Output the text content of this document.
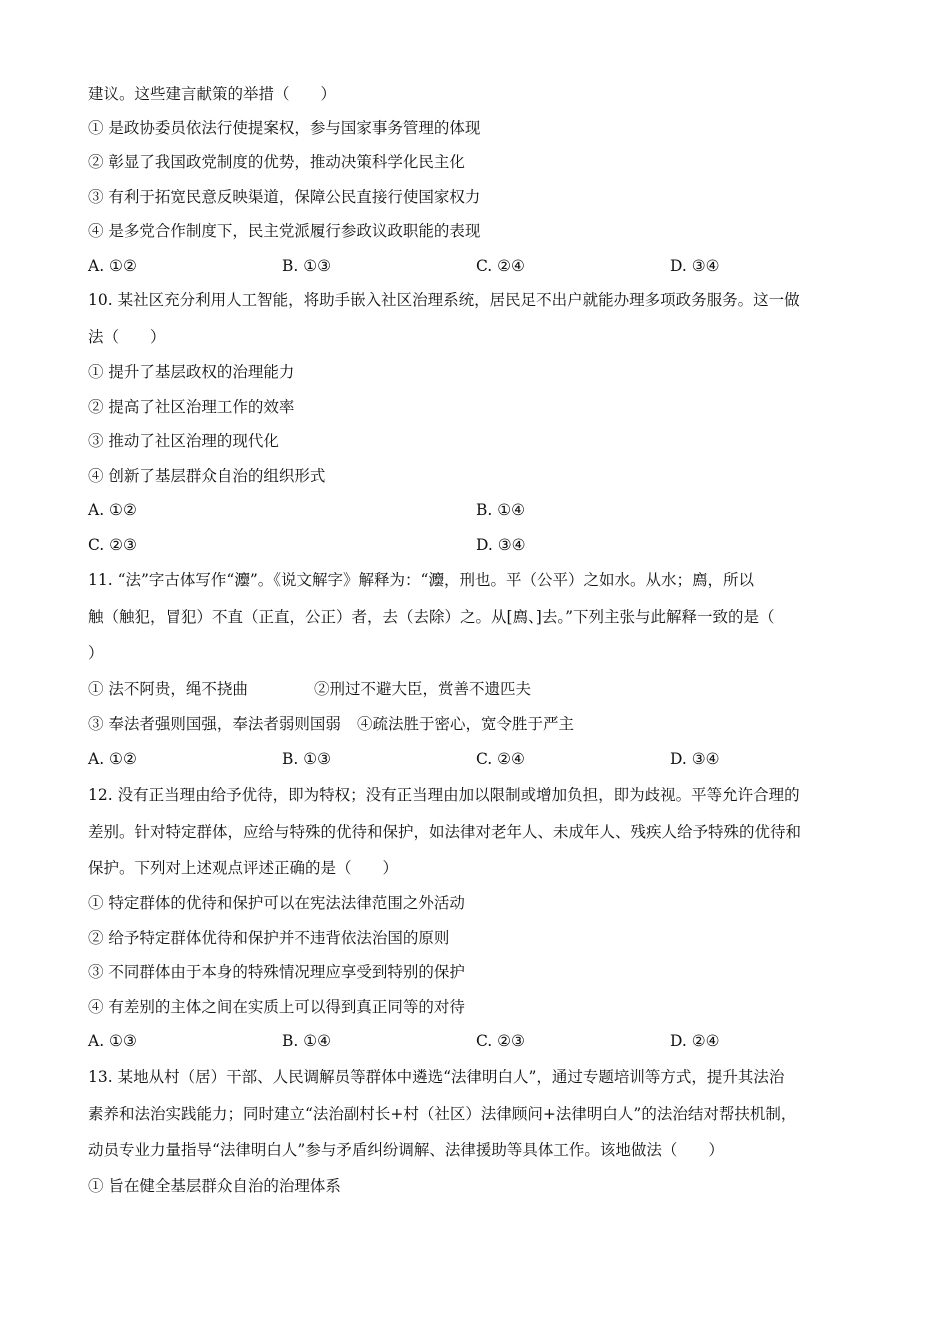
建议。这些建言献策的举措（　　）
① 是政协委员依法行使提案权，参与国家事务管理的体现
② 彰显了我国政党制度的优势，推动决策科学化民主化
③ 有利于拓宽民意反映渠道，保障公民直接行使国家权力
④ 是多党合作制度下，民主党派履行参政议政职能的表现
A. ①②	B. ①③	C. ②④	D. ③④
10. 某社区充分利用人工智能，将助手嵌入社区治理系统，居民足不出户就能办理多项政务服务。这一做
法（　　）
① 提升了基层政权的治理能力
② 提高了社区治理工作的效率
③ 推动了社区治理的现代化
④ 创新了基层群众自治的组织形式
A. ①②	B. ①④
C. ②③	D. ③④
11. “法”字古体写作“灋”。《说文解字》解释为：“灋，刑也。平（公平）之如水。从水；廌，所以
触（触犯，冒犯）不直（正直，公正）者，去（去除）之。从[廌、]去。”下列主张与此解释一致的是（
）
① 法不阿贵，绳不挠曲	②刑过不避大臣，赏善不遗匹夫
③ 奉法者强则国强，奉法者弱则国弱 ④疏法胜于密心，宽令胜于严主
A. ①②	B. ①③	C. ②④	D. ③④
12. 没有正当理由给予优待，即为特权；没有正当理由加以限制或增加负担，即为歧视。平等允许合理的
差别。针对特定群体，应给与特殊的优待和保护，如法律对老年人、未成年人、残疾人给予特殊的优待和
保护。下列对上述观点评述正确的是（　　）
① 特定群体的优待和保护可以在宪法法律范围之外活动
② 给予特定群体优待和保护并不违背依法治国的原则
③ 不同群体由于本身的特殊情况理应享受到特别的保护
④ 有差别的主体之间在实质上可以得到真正同等的对待
A. ①③	B. ①④	C. ②③	D. ②④
13. 某地从村（居）干部、人民调解员等群体中遴选“法律明白人”，通过专题培训等方式，提升其法治
素养和法治实践能力；同时建立“法治副村长+村（社区）法律顾问+法律明白人”的法治结对帮扶机制，
动员专业力量指导“法律明白人”参与矛盾纠纷调解、法律援助等具体工作。该地做法（　　）
① 旨在健全基层群众自治的治理体系
